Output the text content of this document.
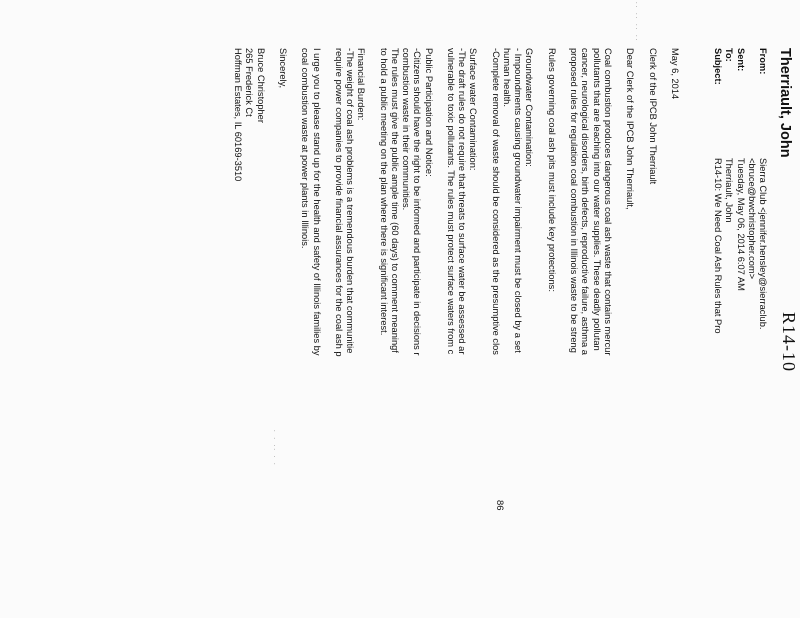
Therriault, John
R14-10
From:
Sierra Club <jennifer.hensley@sierraclub.
<bruce@bwchristopher.com>
Sent:
Tuesday, May 06, 2014 6:07 AM
To:
Therriault, John
Subject:
R14-10: We Need Coal Ash Rules that Pro

May 6, 2014

Clerk of the IPCB John Therriault

Dear Clerk of the IPCB John Therriault,

Coal combustion produces dangerous coal ash waste that contains mercur

pollutants that are leaching into our water supplies. These deadly pollutan

cancer, neurological disorders, birth defects, reproductive failure, asthma a

proposed rules for regulation coal combustion in Illinois waste to be streng

Rules governing coal ash pits must include key protections:

Groundwater Contamination:

- Impoundments causing groundwater impairment must be closed by a set

human health.

-Complete removal of waste should be considered as the presumptive clos

Surface water Contamination:

-The draft rules do not require that threats to surface water be assessed ar

vulnerable to toxic pollutants. The rules must protect surface waters from c

Public Participation and Notice:

-Citizens should have the right to be informed and participate in decisions r

combustion waste in their communities.

The rules must give the public ample time (60 days) to comment meaningf

to hold a public meeting on the plan where there is significant interest.

Financial Burden:

-The weight of coal ash problems is a tremendous burden that communitie

require power companies to provide financial assurances for the coal ash p

I urge you to please stand up for the health and safety of Illinois families by

coal combustion waste at power plants in Illinois.

Sincerely,

Bruce Christopher

265 Frederick Ct

Hoffman Estates, IL 60169-3510

86
.. .. .. ..
. . .. . .
